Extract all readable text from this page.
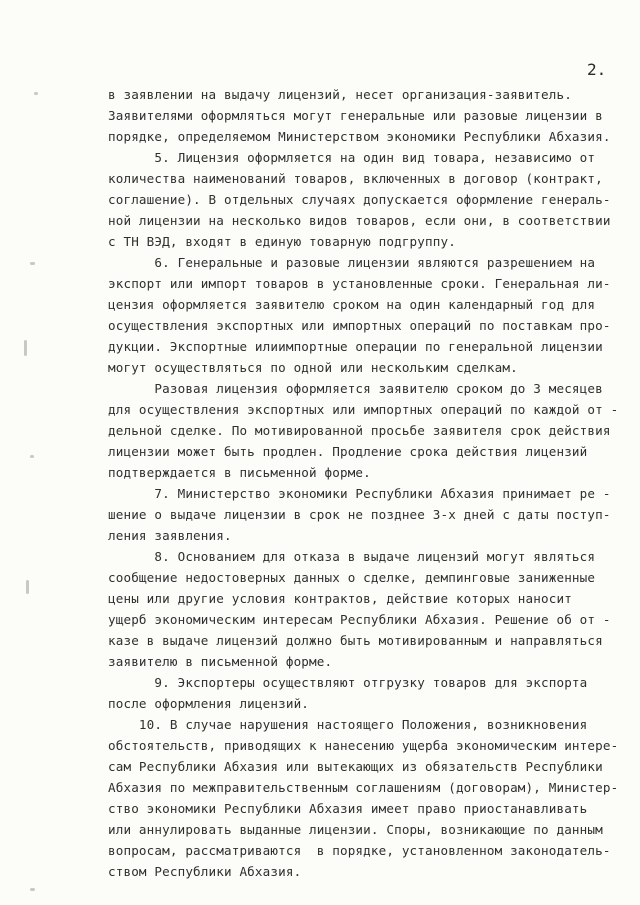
2.
в заявлении на выдачу лицензий, несет организация-заявитель.
Заявителями оформляться могут генеральные или разовые лицензии в
порядке, определяемом Министерством экономики Республики Абхазия.
5. Лицензия оформляется на один вид товара, независимо от
количества наименований товаров, включенных в договор (контракт,
соглашение). В отдельных случаях допускается оформление генераль-
ной лицензии на несколько видов товаров, если они, в соответствии
с ТН ВЭД, входят в единую товарную подгруппу.
6. Генеральные и разовые лицензии являются разрешением на
экспорт или импорт товаров в установленные сроки. Генеральная ли-
цензия оформляется заявителю сроком на один календарный год для
осуществления экспортных или импортных операций по поставкам про-
дукции. Экспортные илиимпортные операции по генеральной лицензии
могут осуществляться по одной или нескольким сделкам.
Разовая лицензия оформляется заявителю сроком до 3 месяцев
для осуществления экспортных или импортных операций по каждой от -
дельной сделке. По мотивированной просьбе заявителя срок действия
лицензии может быть продлен. Продление срока действия лицензий
подтверждается в письменной форме.
7. Министерство экономики Республики Абхазия принимает ре -
шение о выдаче лицензии в срок не позднее 3-х дней с даты поступ-
ления заявления.
8. Основанием для отказа в выдаче лицензий могут являться
сообщение недостоверных данных о сделке, демпинговые заниженные
цены или другие условия контрактов, действие которых наносит
ущерб экономическим интересам Республики Абхазия. Решение об от -
казе в выдаче лицензий должно быть мотивированным и направляться
заявителю в письменной форме.
9. Экспортеры осуществляют отгрузку товаров для экспорта
после оформления лицензий.
10. В случае нарушения настоящего Положения, возникновения
обстоятельств, приводящих к нанесению ущерба экономическим интере-
сам Республики Абхазия или вытекающих из обязательств Республики
Абхазия по межправительственным соглашениям (договорам), Министер-
ство экономики Республики Абхазия имеет право приостанавливать
или аннулировать выданные лицензии. Споры, возникающие по данным
вопросам, рассматриваются  в порядке, установленном законодатель-
ством Республики Абхазия.
